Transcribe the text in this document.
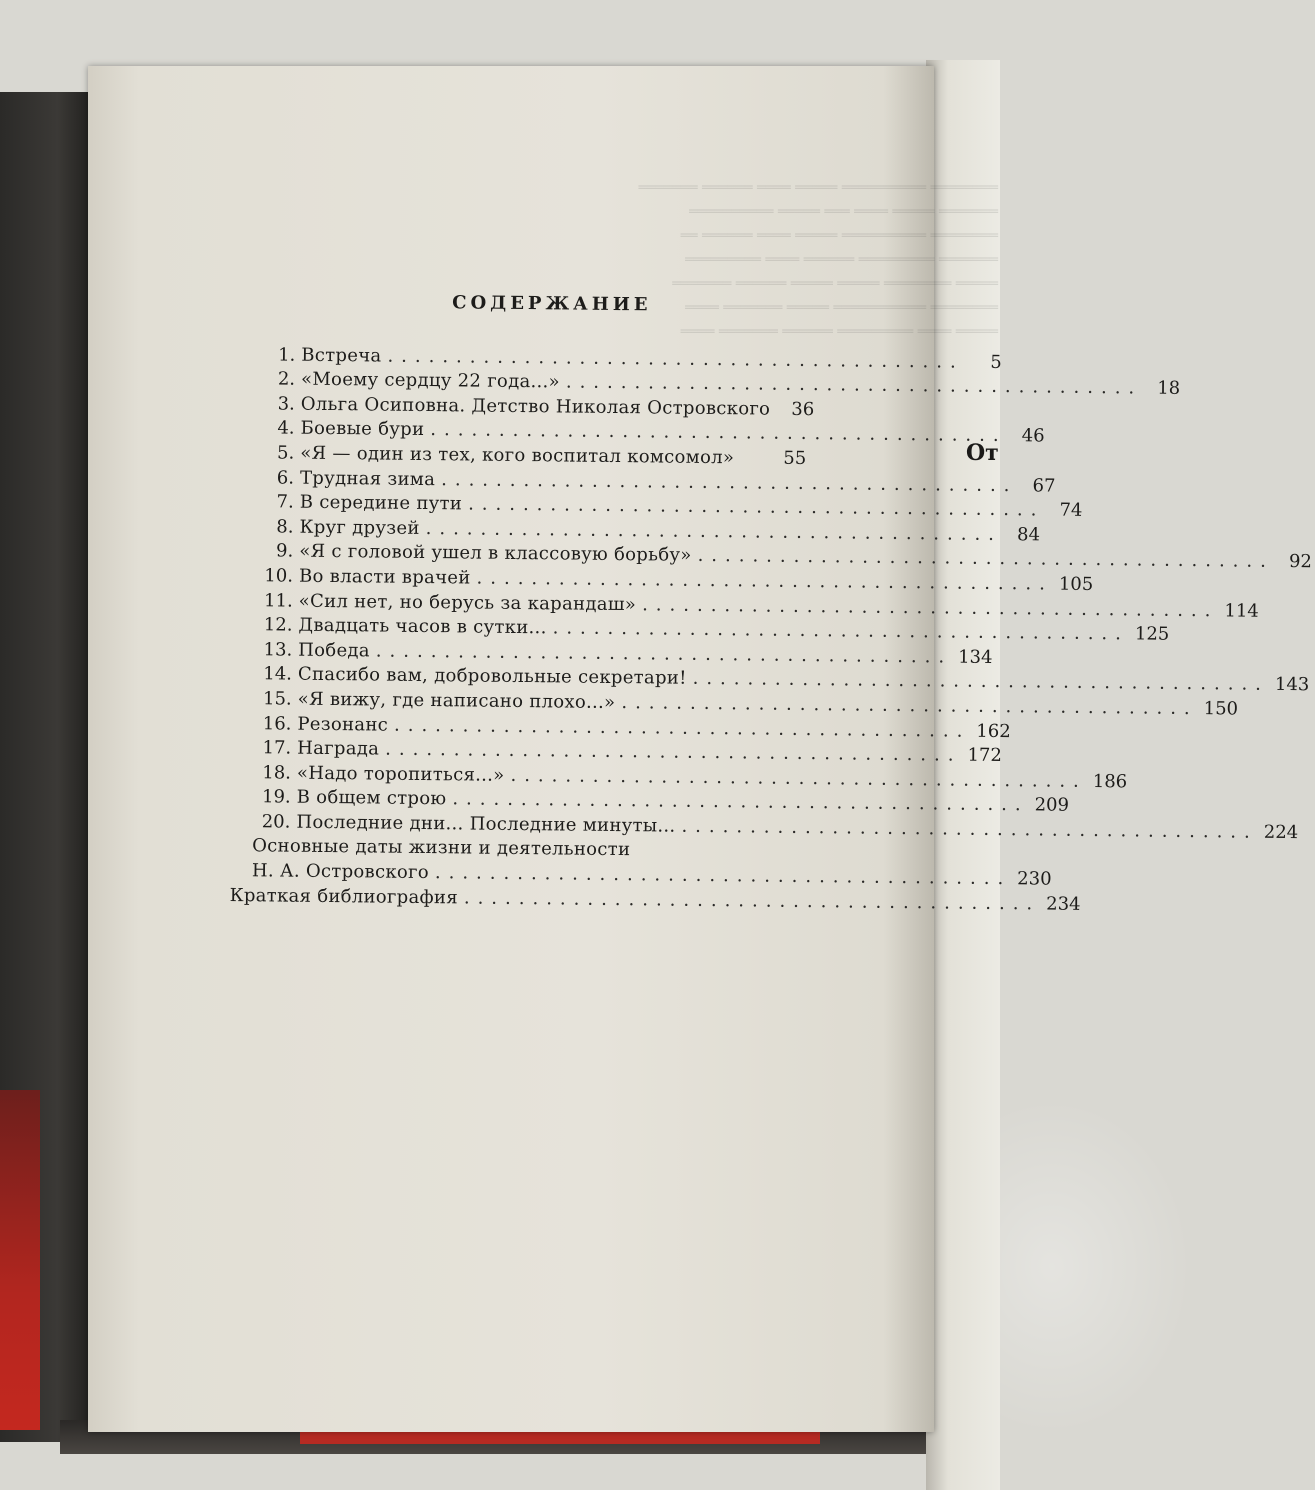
От
════════ ══════════ ═════ ════ ══════ ═══════
═══════ ═════ ════ ═══ ═════ ══════════
════════ ══════════ ═════ ════ ══════ ══
═══════ ═════════ ══════ ════ ═════════
═════ ════════ ═════ ═════ ══════ ═══════
════════ ═══════════ ═════ ═══════ ════
═════ ════ ═════════ ══════ ═══════ ════
СОДЕРЖАНИЕ
1. Встреча ..........................................	5
2. «Моему сердцу 22 года...» .......................................... 18
3. Ольга Осиповна. Детство Николая Островского	36
4. Боевые бури .......................................... 46
5. «Я — один из тех, кого воспитал комсомол»	55
6. Трудная зима .......................................... 67
7. В середине пути .......................................... 74
8. Круг друзей .......................................... 84
9. «Я с головой ушел в классовую борьбу» .......................................... 92
10. Во власти врачей .......................................... 105
11. «Сил нет, но берусь за карандаш» .......................................... 114
12. Двадцать часов в сутки... .......................................... 125
13. Победа .......................................... 134
14. Спасибо вам, добровольные секретари! .......................................... 143
15. «Я вижу, где написано плохо...» .......................................... 150
16. Резонанс .......................................... 162
17. Награда .......................................... 172
18. «Надо торопиться...» .......................................... 186
19. В общем строю .......................................... 209
20. Последние дни... Последние минуты... .......................................... 224
Основные даты жизни и деятельности
Н. А. Островского .......................................... 230
Краткая библиография .......................................... 234
